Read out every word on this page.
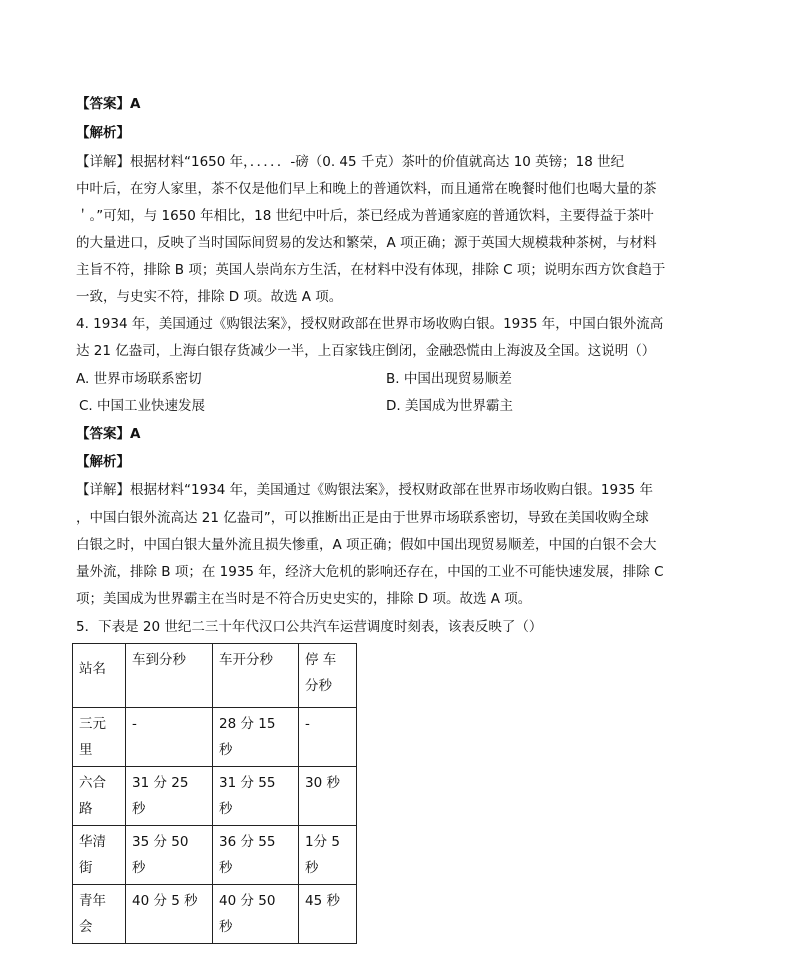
【答案】A
【解析】
【详解】根据材料“1650 年，．．．．．-磅（0. 45 千克）茶叶的价值就高达 10 英镑；18 世纪
中叶后，在穷人家里，茶不仅是他们早上和晚上的普通饮料，而且通常在晚餐时他们也喝大量的茶
＇。”可知，与 1650 年相比，18 世纪中叶后，茶已经成为普通家庭的普通饮料，主要得益于茶叶
的大量进口，反映了当时国际间贸易的发达和繁荣，A 项正确；源于英国大规模栽种茶树，与材料
主旨不符，排除 B 项；英国人崇尚东方生活，在材料中没有体现，排除 C 项；说明东西方饮食趋于
一致，与史实不符，排除 D 项。故选 A 项。
4. 1934 年，美国通过《购银法案》，授权财政部在世界市场收购白银。1935 年，中国白银外流高
达 21 亿盎司，上海白银存货减少一半，上百家钱庄倒闭，金融恐慌由上海波及全国。这说明（）
A. 世界市场联系密切	B. 中国出现贸易顺差
C. 中国工业快速发展	D. 美国成为世界霸主
【答案】A
【解析】
【详解】根据材料“1934 年，美国通过《购银法案》，授权财政部在世界市场收购白银。1935 年
，中国白银外流高达 21 亿盎司”，可以推断出正是由于世界市场联系密切，导致在美国收购全球
白银之时，中国白银大量外流且损失惨重，A 项正确；假如中国出现贸易顺差，中国的白银不会大
量外流，排除 B 项；在 1935 年，经济大危机的影响还存在，中国的工业不可能快速发展，排除 C
项；美国成为世界霸主在当时是不符合历史史实的，排除 D 项。故选 A 项。
5．下表是 20 世纪二三十年代汉口公共汽车运营调度时刻表，该表反映了（）
站名	车到分秒	车开分秒	停 车 分秒
三元里	-	28 分 15 秒	-
六合路	31 分 25 秒	31 分 55 秒	30 秒
华清街	35 分 50 秒	36 分 55 秒	1分 5 秒
青年会	40 分 5 秒	40 分 50 秒	45 秒
